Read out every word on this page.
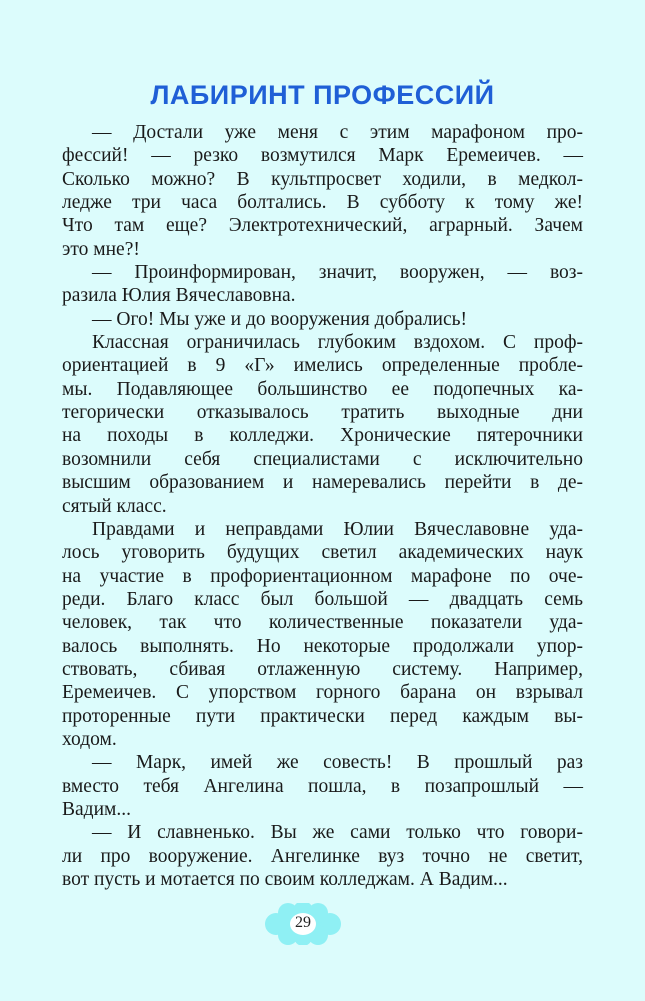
ЛАБИРИНТ ПРОФЕССИЙ
— Достали уже меня с этим марафоном про-
фессий! — резко возмутился Марк Еремеичев. —
Сколько можно? В культпросвет ходили, в медкол-
ледже три часа болтались. В субботу к тому же!
Что там еще? Электротехнический, аграрный. Зачем
это мне?!
— Проинформирован, значит, вооружен, — воз-
разила Юлия Вячеславовна.
— Ого! Мы уже и до вооружения добрались!
Классная ограничилась глубоким вздохом. С проф-
ориентацией в 9 «Г» имелись определенные пробле-
мы. Подавляющее большинство ее подопечных ка-
тегорически отказывалось тратить выходные дни
на походы в колледжи. Хронические пятерочники
возомнили себя специалистами с исключительно
высшим образованием и намеревались перейти в де-
сятый класс.
Правдами и неправдами Юлии Вячеславовне уда-
лось уговорить будущих светил академических наук
на участие в профориентационном марафоне по оче-
реди. Благо класс был большой — двадцать семь
человек, так что количественные показатели уда-
валось выполнять. Но некоторые продолжали упор-
ствовать, сбивая отлаженную систему. Например,
Еремеичев. С упорством горного барана он взрывал
проторенные пути практически перед каждым вы-
ходом.
— Марк, имей же совесть! В прошлый раз
вместо тебя Ангелина пошла, в позапрошлый —
Вадим...
— И славненько. Вы же сами только что говори-
ли про вооружение. Ангелинке вуз точно не светит,
вот пусть и мотается по своим колледжам. А Вадим...
29
